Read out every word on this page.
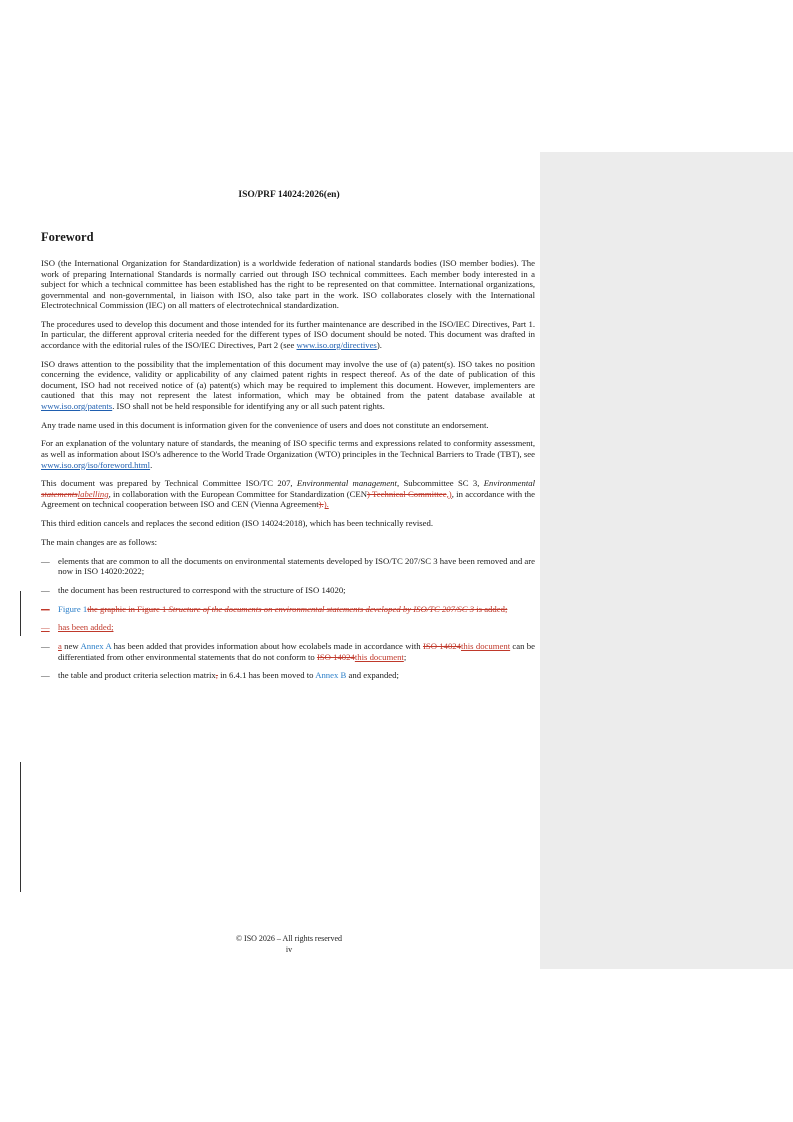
ISO/PRF 14024:2026(en)
Foreword

ISO (the International Organization for Standardization) is a worldwide federation of national standards bodies (ISO member bodies). The work of preparing International Standards is normally carried out through ISO technical committees. Each member body interested in a subject for which a technical committee has been established has the right to be represented on that committee. International organizations, governmental and non-governmental, in liaison with ISO, also take part in the work. ISO collaborates closely with the International Electrotechnical Commission (IEC) on all matters of electrotechnical standardization.

The procedures used to develop this document and those intended for its further maintenance are described in the ISO/IEC Directives, Part 1. In particular, the different approval criteria needed for the different types of ISO document should be noted. This document was drafted in accordance with the editorial rules of the ISO/IEC Directives, Part 2 (see www.iso.org/directives).

ISO draws attention to the possibility that the implementation of this document may involve the use of (a) patent(s). ISO takes no position concerning the evidence, validity or applicability of any claimed patent rights in respect thereof. As of the date of publication of this document, ISO had not received notice of (a) patent(s) which may be required to implement this document. However, implementers are cautioned that this may not represent the latest information, which may be obtained from the patent database available at www.iso.org/patents. ISO shall not be held responsible for identifying any or all such patent rights.

Any trade name used in this document is information given for the convenience of users and does not constitute an endorsement.

For an explanation of the voluntary nature of standards, the meaning of ISO specific terms and expressions related to conformity assessment, as well as information about ISO's adherence to the World Trade Organization (WTO) principles in the Technical Barriers to Trade (TBT), see www.iso.org/iso/foreword.html.

This document was prepared by Technical Committee ISO/TC 207, Environmental management, Subcommittee SC 3, Environmental statementslabelling, in collaboration with the European Committee for Standardization (CEN) Technical Committee,), in accordance with the Agreement on technical cooperation between ISO and CEN (Vienna Agreement).).

This third edition cancels and replaces the second edition (ISO 14024:2018), which has been technically revised.

The main changes are as follows:

— elements that are common to all the documents on environmental statements developed by ISO/TC 207/SC 3 have been removed and are now in ISO 14020:2022;
— the document has been restructured to correspond with the structure of ISO 14020;
— Figure 1the graphic in Figure 1 Structure of the documents on environmental statements developed by ISO/TC 207/SC 3 is added;
— has been added;
— a new Annex A has been added that provides information about how ecolabels made in accordance with ISO 14024this document can be differentiated from other environmental statements that do not conform to ISO 14024this document;
— the table and product criteria selection matrix, in 6.4.1 has been moved to Annex B and expanded;
© ISO 2026 – All rights reserved
iv
